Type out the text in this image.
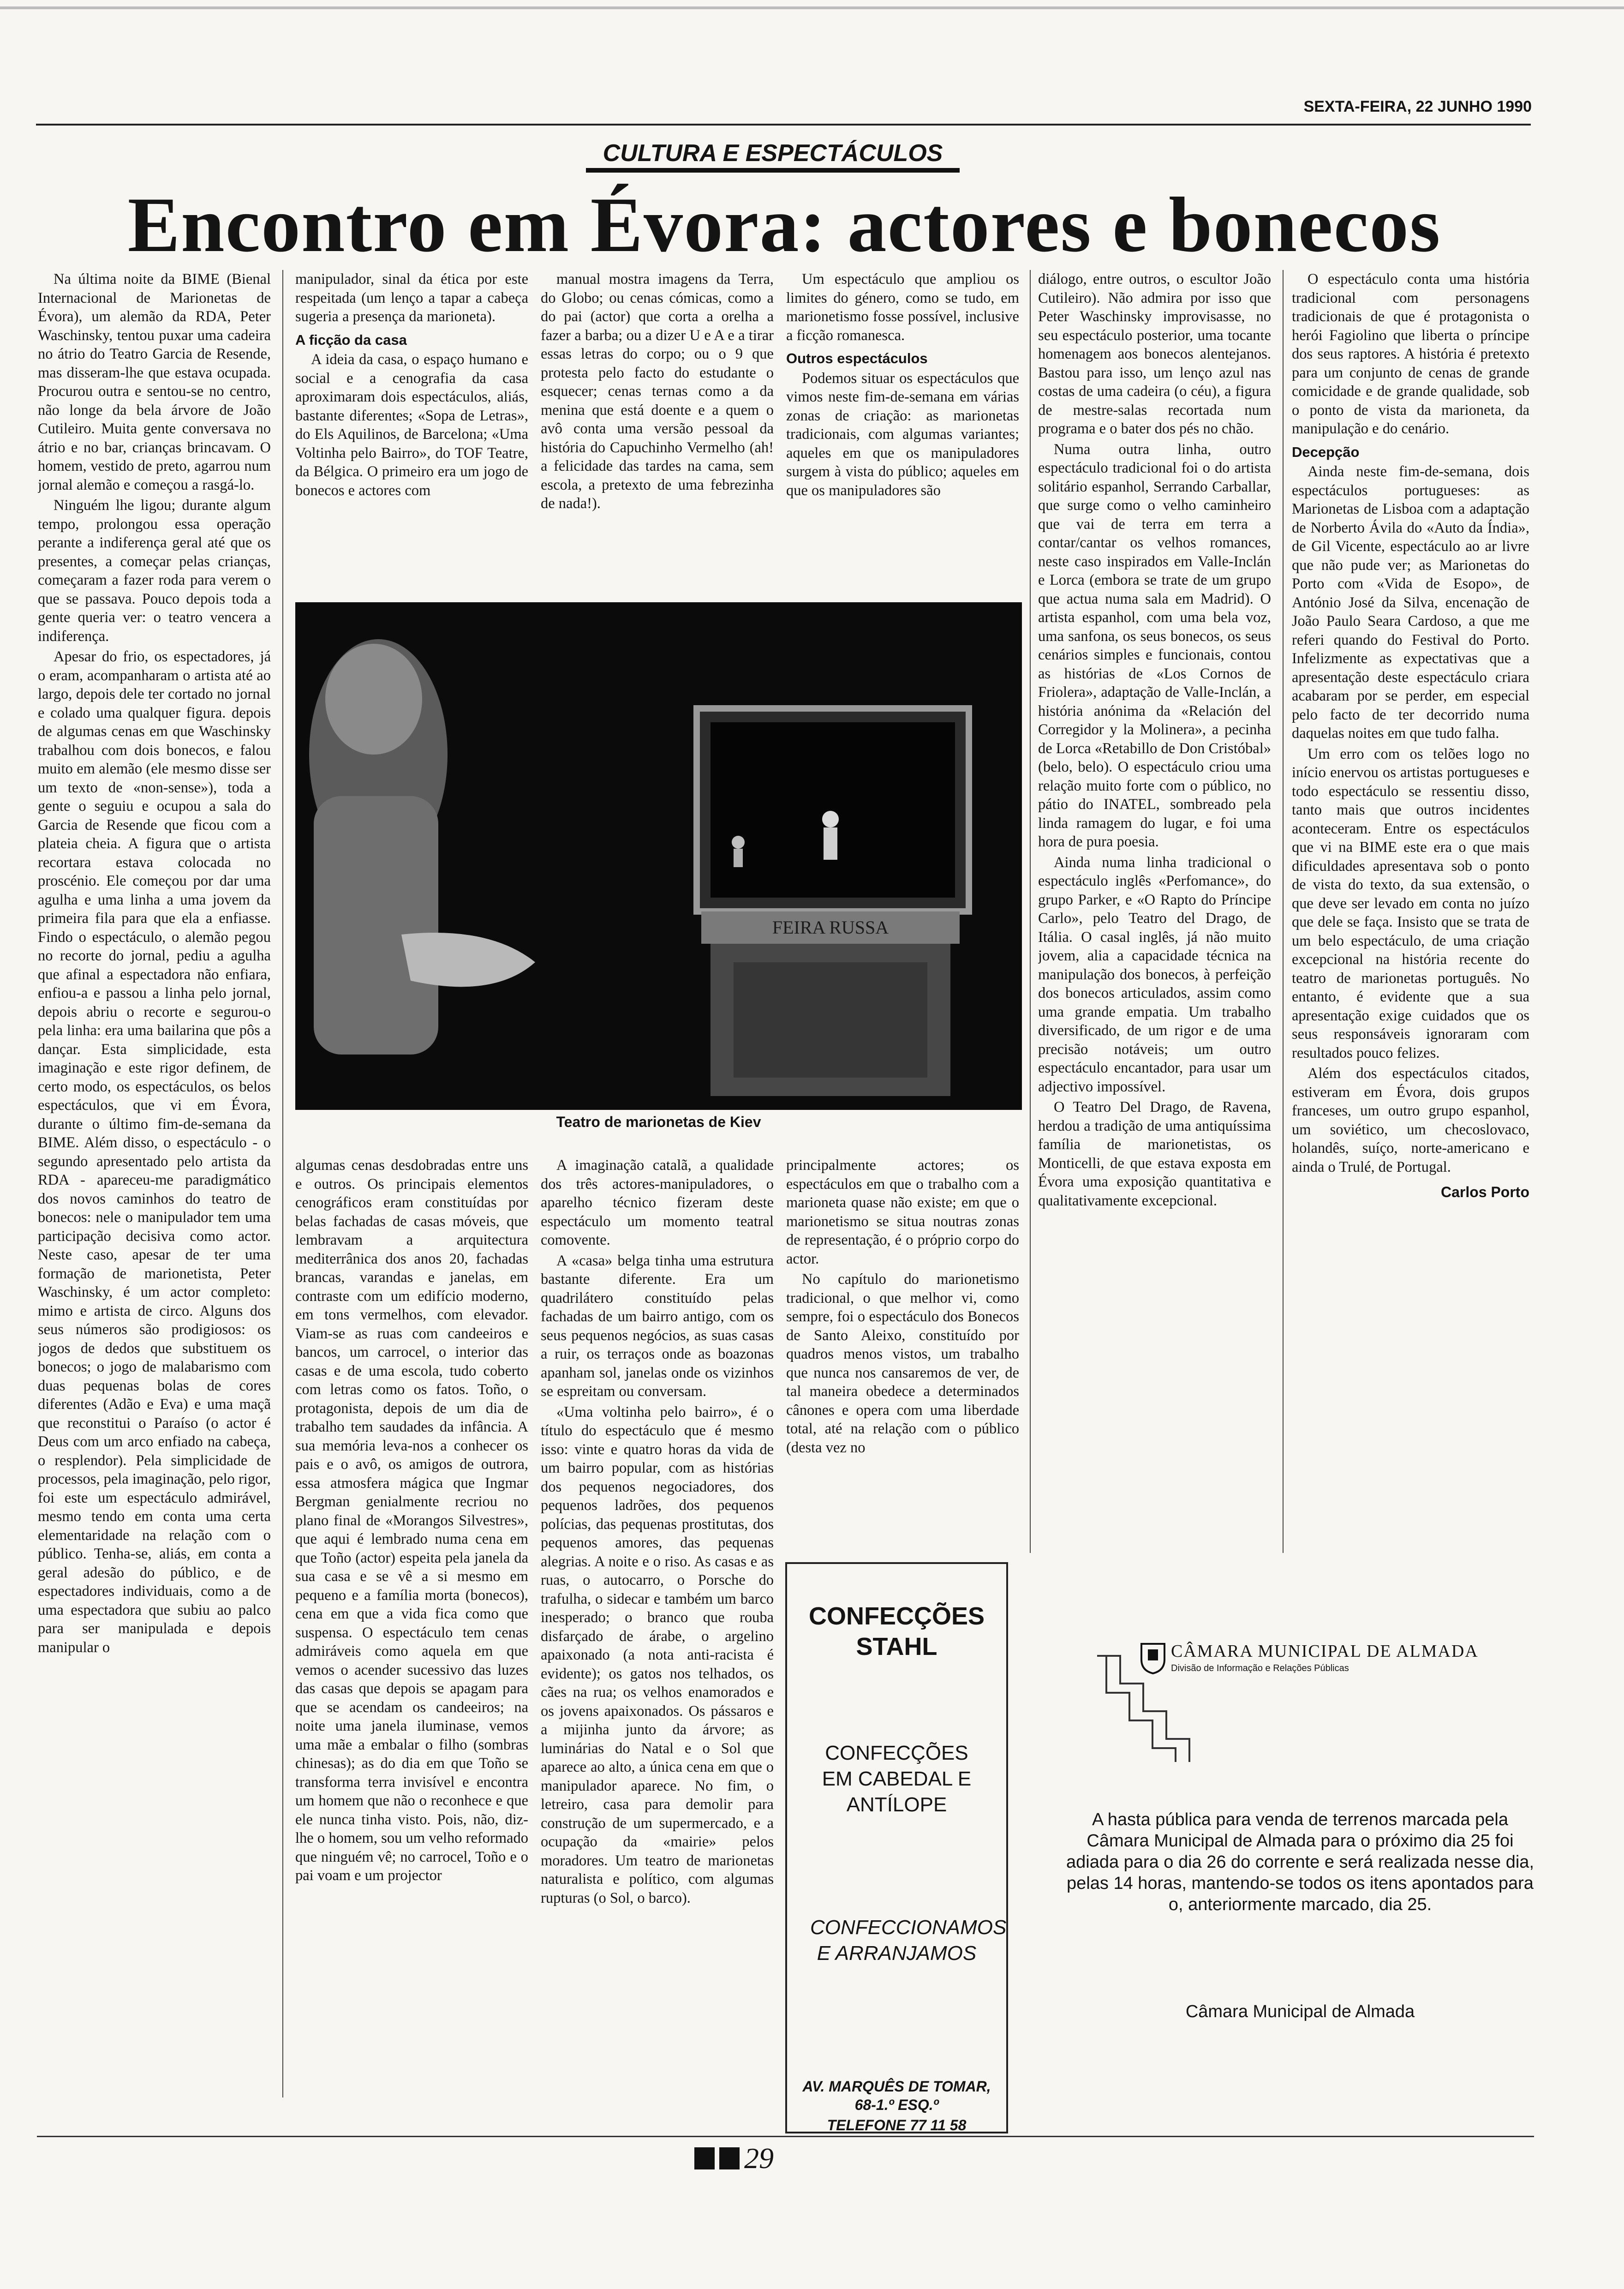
SEXTA-FEIRA, 22 JUNHO 1990
CULTURA E ESPECTÁCULOS
Encontro em Évora: actores e bonecos

Na última noite da BIME (Bienal Internacional de Marionetas de Évora), um alemão da RDA, Peter Waschinsky, tentou puxar uma cadeira no átrio do Teatro Garcia de Resende, mas disseram-lhe que estava ocupada. Procurou outra e sentou-se no centro, não longe da bela árvore de João Cutileiro. Muita gente conversava no átrio e no bar, crianças brincavam. O homem, vestido de preto, agarrou num jornal alemão e começou a rasgá-lo.

Ninguém lhe ligou; durante algum tempo, prolongou essa operação perante a indiferença geral até que os presentes, a começar pelas crianças, começaram a fazer roda para verem o que se passava. Pouco depois toda a gente queria ver: o teatro vencera a indiferença.

Apesar do frio, os espectadores, já o eram, acompanharam o artista até ao largo, depois dele ter cortado no jornal e colado uma qualquer figura. depois de algumas cenas em que Waschinsky trabalhou com dois bonecos, e falou muito em alemão (ele mesmo disse ser um texto de «non-sense»), toda a gente o seguiu e ocupou a sala do Garcia de Resende que ficou com a plateia cheia. A figura que o artista recortara estava colocada no proscénio. Ele começou por dar uma agulha e uma linha a uma jovem da primeira fila para que ela a enfiasse. Findo o espectáculo, o alemão pegou no recorte do jornal, pediu a agulha que afinal a espectadora não enfiara, enfiou-a e passou a linha pelo jornal, depois abriu o recorte e segurou-o pela linha: era uma bailarina que pôs a dançar. Esta simplicidade, esta imaginação e este rigor definem, de certo modo, os espectáculos, os belos espectáculos, que vi em Évora, durante o último fim-de-semana da BIME. Além disso, o espectáculo - o segundo apresentado pelo artista da RDA - apareceu-me paradigmático dos novos caminhos do teatro de bonecos: nele o manipulador tem uma participação decisiva como actor. Neste caso, apesar de ter uma formação de marionetista, Peter Waschinsky, é um actor completo: mimo e artista de circo. Alguns dos seus números são prodigiosos: os jogos de dedos que substituem os bonecos; o jogo de malabarismo com duas pequenas bolas de cores diferentes (Adão e Eva) e uma maçã que reconstitui o Paraíso (o actor é Deus com um arco enfiado na cabeça, o resplendor). Pela simplicidade de processos, pela imaginação, pelo rigor, foi este um espectáculo admirável, mesmo tendo em conta uma certa elementaridade na relação com o público. Tenha-se, aliás, em conta a geral adesão do público, e de espectadores individuais, como a de uma espectadora que subiu ao palco para ser manipulada e depois manipular o

manipulador, sinal da ética por este respeitada (um lenço a tapar a cabeça sugeria a presença da marioneta).

A ficção da casa

A ideia da casa, o espaço humano e social e a cenografia da casa aproximaram dois espectáculos, aliás, bastante diferentes; «Sopa de Letras», do Els Aquilinos, de Barcelona; «Uma Voltinha pelo Bairro», do TOF Teatre, da Bélgica. O primeiro era um jogo de bonecos e actores com

manual mostra imagens da Terra, do Globo; ou cenas cómicas, como a do pai (actor) que corta a orelha a fazer a barba; ou a dizer U e A e a tirar essas letras do corpo; ou o 9 que protesta pelo facto do estudante o esquecer; cenas ternas como a da menina que está doente e a quem o avô conta uma versão pessoal da história do Capuchinho Vermelho (ah! a felicidade das tardes na cama, sem escola, a pretexto de uma febrezinha de nada!).

FEIRA RUSSA
Teatro de marionetas de Kiev

Um espectáculo que ampliou os limites do género, como se tudo, em marionetismo fosse possível, inclusive a ficção romanesca.

Outros espectáculos

Podemos situar os espectáculos que vimos neste fim-de-semana em várias zonas de criação: as marionetas tradicionais, com algumas variantes; aqueles em que os manipuladores surgem à vista do público; aqueles em que os manipuladores são

algumas cenas desdobradas entre uns e outros. Os principais elementos cenográficos eram constituídas por belas fachadas de casas móveis, que lembravam a arquitectura mediterrânica dos anos 20, fachadas brancas, varandas e janelas, em contraste com um edifício moderno, em tons vermelhos, com elevador. Viam-se as ruas com candeeiros e bancos, um carrocel, o interior das casas e de uma escola, tudo coberto com letras como os fatos. Toño, o protagonista, depois de um dia de trabalho tem saudades da infância. A sua memória leva-nos a conhecer os pais e o avô, os amigos de outrora, essa atmosfera mágica que Ingmar Bergman genialmente recriou no plano final de «Morangos Silvestres», que aqui é lembrado numa cena em que Toño (actor) espeita pela janela da sua casa e se vê a si mesmo em pequeno e a família morta (bonecos), cena em que a vida fica como que suspensa. O espectáculo tem cenas admiráveis como aquela em que vemos o acender sucessivo das luzes das casas que depois se apagam para que se acendam os candeeiros; na noite uma janela iluminase, vemos uma mãe a embalar o filho (sombras chinesas); as do dia em que Toño se transforma terra invisível e encontra um homem que não o reconhece e que ele nunca tinha visto. Pois, não, diz-lhe o homem, sou um velho reformado que ninguém vê; no carrocel, Toño e o pai voam e um projector

A imaginação catalã, a qualidade dos três actores-manipuladores, o aparelho técnico fizeram deste espectáculo um momento teatral comovente.

A «casa» belga tinha uma estrutura bastante diferente. Era um quadrilátero constituído pelas fachadas de um bairro antigo, com os seus pequenos negócios, as suas casas a ruir, os terraços onde as boazonas apanham sol, janelas onde os vizinhos se espreitam ou conversam.

«Uma voltinha pelo bairro», é o título do espectáculo que é mesmo isso: vinte e quatro horas da vida de um bairro popular, com as histórias dos pequenos negociadores, dos pequenos ladrões, dos pequenos polícias, das pequenas prostitutas, dos pequenos amores, das pequenas alegrias. A noite e o riso. As casas e as ruas, o autocarro, o Porsche do trafulha, o sidecar e também um barco inesperado; o branco que rouba disfarçado de árabe, o argelino apaixonado (a nota anti-racista é evidente); os gatos nos telhados, os cães na rua; os velhos enamorados e os jovens apaixonados. Os pássaros e a mijinha junto da árvore; as luminárias do Natal e o Sol que aparece ao alto, a única cena em que o manipulador aparece. No fim, o letreiro, casa para demolir para construção de um supermercado, e a ocupação da «mairie» pelos moradores. Um teatro de marionetas naturalista e político, com algumas rupturas (o Sol, o barco).

principalmente actores; os espectáculos em que o trabalho com a marioneta quase não existe; em que o marionetismo se situa noutras zonas de representação, é o próprio corpo do actor.

No capítulo do marionetismo tradicional, o que melhor vi, como sempre, foi o espectáculo dos Bonecos de Santo Aleixo, constituído por quadros menos vistos, um trabalho que nunca nos cansaremos de ver, de tal maneira obedece a determinados cânones e opera com uma liberdade total, até na relação com o público (desta vez no

diálogo, entre outros, o escultor João Cutileiro). Não admira por isso que Peter Waschinsky improvisasse, no seu espectáculo posterior, uma tocante homenagem aos bonecos alentejanos. Bastou para isso, um lenço azul nas costas de uma cadeira (o céu), a figura de mestre-salas recortada num programa e o bater dos pés no chão.

Numa outra linha, outro espectáculo tradicional foi o do artista solitário espanhol, Serrando Carballar, que surge como o velho caminheiro que vai de terra em terra a contar/cantar os velhos romances, neste caso inspirados em Valle-Inclán e Lorca (embora se trate de um grupo que actua numa sala em Madrid). O artista espanhol, com uma bela voz, uma sanfona, os seus bonecos, os seus cenários simples e funcionais, contou as histórias de «Los Cornos de Friolera», adaptação de Valle-Inclán, a história anónima da «Relación del Corregidor y la Molinera», a pecinha de Lorca «Retabillo de Don Cristóbal» (belo, belo). O espectáculo criou uma relação muito forte com o público, no pátio do INATEL, sombreado pela linda ramagem do lugar, e foi uma hora de pura poesia.

Ainda numa linha tradicional o espectáculo inglês «Perfomance», do grupo Parker, e «O Rapto do Príncipe Carlo», pelo Teatro del Drago, de Itália. O casal inglês, já não muito jovem, alia a capacidade técnica na manipulação dos bonecos, à perfeição dos bonecos articulados, assim como uma grande empatia. Um trabalho diversificado, de um rigor e de uma precisão notáveis; um outro espectáculo encantador, para usar um adjectivo impossível.

O Teatro Del Drago, de Ravena, herdou a tradição de uma antiquíssima família de marionetistas, os Monticelli, de que estava exposta em Évora uma exposição quantitativa e qualitativamente excepcional.

O espectáculo conta uma história tradicional com personagens tradicionais de que é protagonista o herói Fagiolino que liberta o príncipe dos seus raptores. A história é pretexto para um conjunto de cenas de grande comicidade e de grande qualidade, sob o ponto de vista da marioneta, da manipulação e do cenário.

Decepção

Ainda neste fim-de-semana, dois espectáculos portugueses: as Marionetas de Lisboa com a adaptação de Norberto Ávila do «Auto da Índia», de Gil Vicente, espectáculo ao ar livre que não pude ver; as Marionetas do Porto com «Vida de Esopo», de António José da Silva, encenação de João Paulo Seara Cardoso, a que me referi quando do Festival do Porto. Infelizmente as expectativas que a apresentação deste espectáculo criara acabaram por se perder, em especial pelo facto de ter decorrido numa daquelas noites em que tudo falha.

Um erro com os telões logo no início enervou os artistas portugueses e todo espectáculo se ressentiu disso, tanto mais que outros incidentes aconteceram. Entre os espectáculos que vi na BIME este era o que mais dificuldades apresentava sob o ponto de vista do texto, da sua extensão, o que deve ser levado em conta no juízo que dele se faça. Insisto que se trata de um belo espectáculo, de uma criação excepcional na história recente do teatro de marionetas português. No entanto, é evidente que a sua apresentação exige cuidados que os seus responsáveis ignoraram com resultados pouco felizes.

Além dos espectáculos citados, estiveram em Évora, dois grupos franceses, um outro grupo espanhol, um soviético, um checoslovaco, holandês, suíço, norte-americano e ainda o Trulé, de Portugal.

Carlos Porto
CONFECÇÕES STAHL
CONFECÇÕES EM CABEDAL E ANTÍLOPE
CONFECCIONAMOS E ARRANJAMOS
AV. MARQUÊS DE TOMAR, 68-1.º ESQ.º
TELEFONE 77 11 58
CÂMARA MUNICIPAL DE ALMADA
Divisão de Informação e Relações Públicas
A hasta pública para venda de terrenos marcada pela Câmara Municipal de Almada para o próximo dia 25 foi adiada para o dia 26 do corrente e será realizada nesse dia, pelas 14 horas, mantendo-se todos os itens apontados para o, anteriormente marcado, dia 25.
Câmara Municipal de Almada
29
